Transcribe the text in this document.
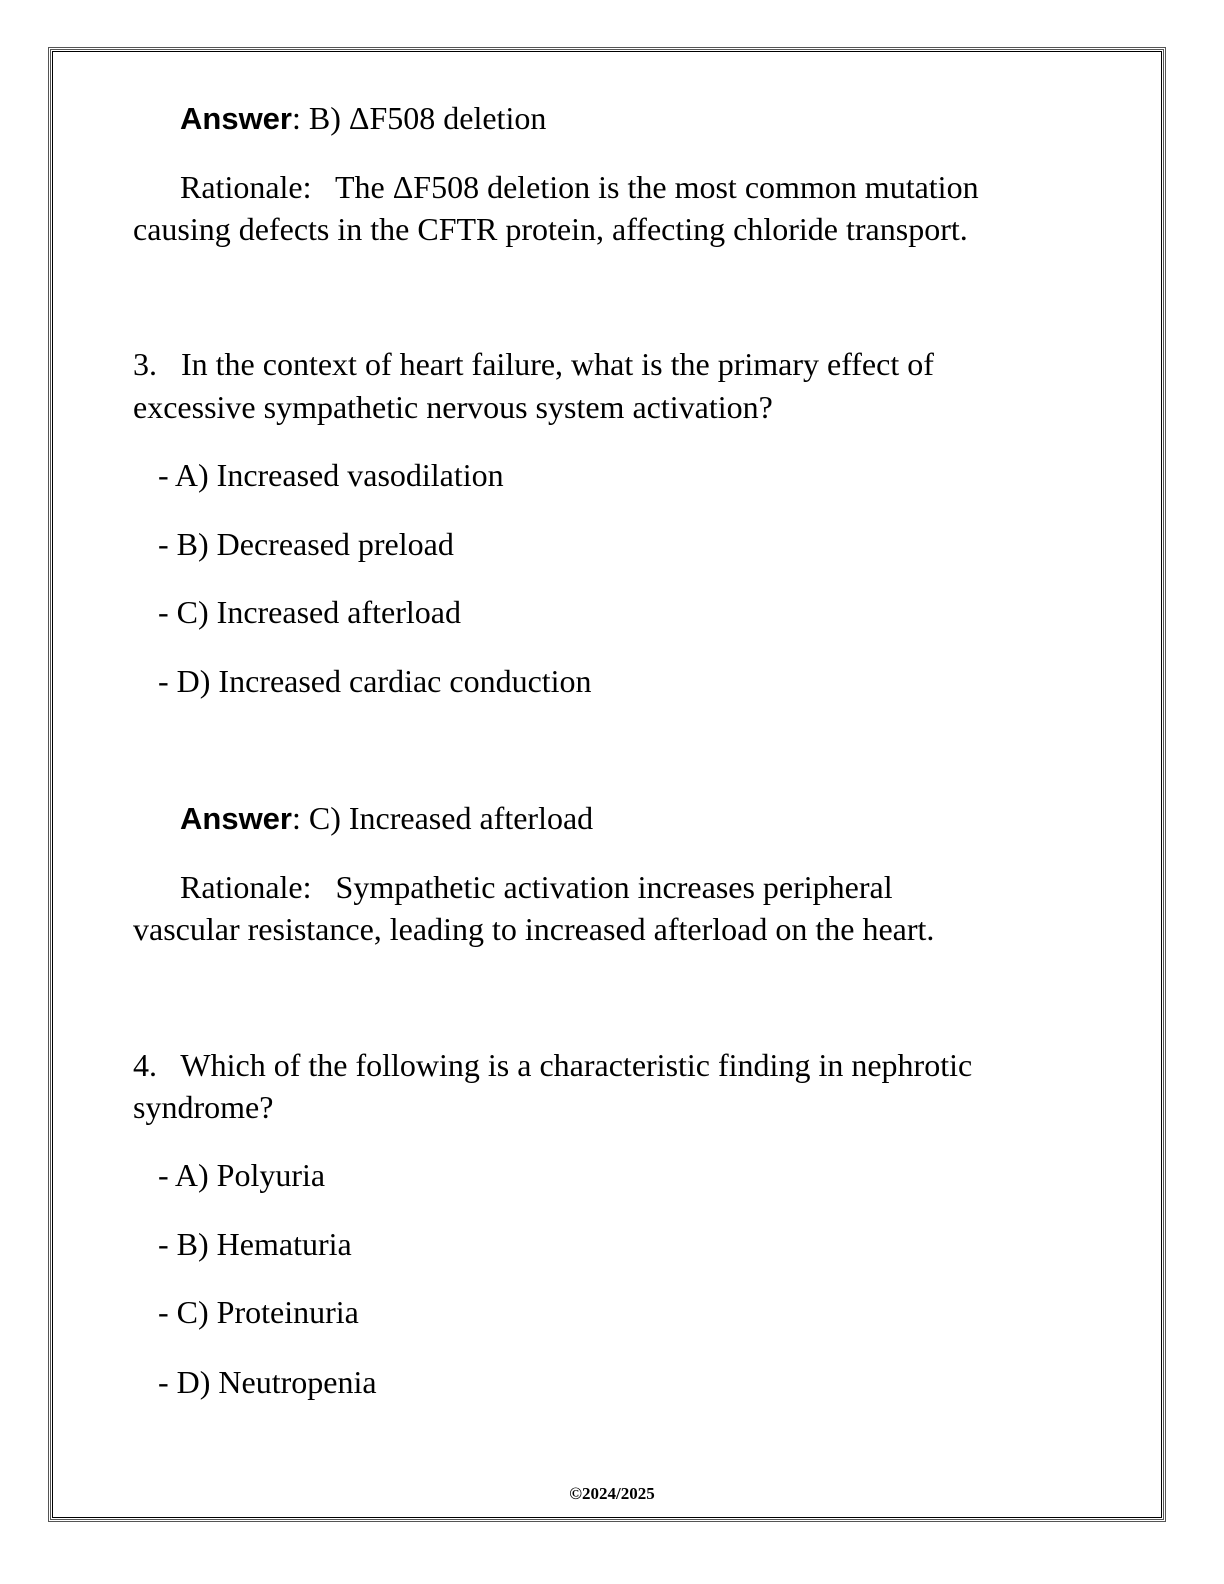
Answer: B) ΔF508 deletion
Rationale:   The ΔF508 deletion is the most common mutation
causing defects in the CFTR protein, affecting chloride transport.
3.   In the context of heart failure, what is the primary effect of
excessive sympathetic nervous system activation?
- A) Increased vasodilation
- B) Decreased preload
- C) Increased afterload
- D) Increased cardiac conduction
Answer: C) Increased afterload
Rationale:   Sympathetic activation increases peripheral
vascular resistance, leading to increased afterload on the heart.
4.   Which of the following is a characteristic finding in nephrotic
syndrome?
- A) Polyuria
- B) Hematuria
- C) Proteinuria
- D) Neutropenia
©2024/2025
